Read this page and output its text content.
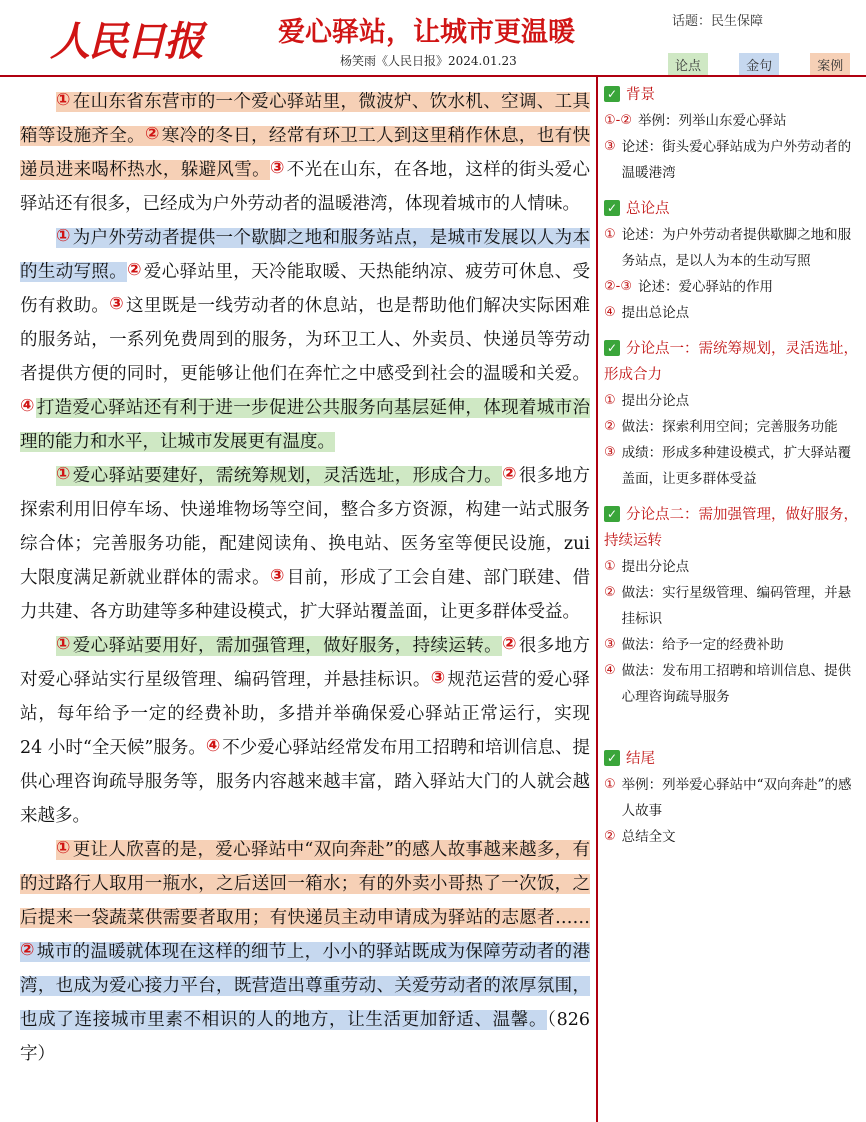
人民日报	爱心驿站，让城市更温暖
杨笑雨《人民日报》2024.01.23
话题：民生保障
论点	金句	案例

① 在山东省东营市的一个爱心驿站里，微波炉、饮水机、空调、工具箱等设施齐全。② 寒冷的冬日，经常有环卫工人到这里稍作休息，也有快递员进来喝杯热水，躲避风雪。③ 不光在山东，在各地，这样的街头爱心驿站还有很多，已经成为户外劳动者的温暖港湾，体现着城市的人情味。

① 为户外劳动者提供一个歇脚之地和服务站点，是城市发展以人为本的生动写照。② 爱心驿站里，天冷能取暖、天热能纳凉、疲劳可休息、受伤有救助。③ 这里既是一线劳动者的休息站，也是帮助他们解决实际困难的服务站，一系列免费周到的服务，为环卫工人、外卖员、快递员等劳动者提供方便的同时，更能够让他们在奔忙之中感受到社会的温暖和关爱。④ 打造爱心驿站还有利于进一步促进公共服务向基层延伸，体现着城市治理的能力和水平，让城市发展更有温度。

① 爱心驿站要建好，需统筹规划，灵活选址，形成合力。② 很多地方探索利用旧停车场、快递堆物场等空间，整合多方资源，构建一站式服务综合体；完善服务功能，配建阅读角、换电站、医务室等便民设施，zui 大限度满足新就业群体的需求。③ 目前，形成了工会自建、部门联建、借力共建、各方助建等多种建设模式，扩大驿站覆盖面，让更多群体受益。

① 爱心驿站要用好，需加强管理，做好服务，持续运转。② 很多地方对爱心驿站实行星级管理、编码管理，并悬挂标识。③ 规范运营的爱心驿站，每年给予一定的经费补助，多措并举确保爱心驿站正常运行，实现 24 小时“全天候”服务。④ 不少爱心驿站经常发布用工招聘和培训信息、提供心理咨询疏导服务等，服务内容越来越丰富，踏入驿站大门的人就会越来越多。

① 更让人欣喜的是，爱心驿站中“双向奔赴”的感人故事越来越多，有的过路行人取用一瓶水，之后送回一箱水；有的外卖小哥热了一次饭，之后提来一袋蔬菜供需要者取用；有快递员主动申请成为驿站的志愿者……② 城市的温暖就体现在这样的细节上，小小的驿站既成为保障劳动者的港湾，也成为爱心接力平台，既营造出尊重劳动、关爱劳动者的浓厚氛围，也成了连接城市里素不相识的人的地方，让生活更加舒适、温馨。（826 字）

✓ 背景
①-② 举例：列举山东爱心驿站
③ 论述：街头爱心驿站成为户外劳动者的温暖港湾
✓ 总论点
① 论述：为户外劳动者提供歇脚之地和服务站点，是以人为本的生动写照
②-③ 论述：爱心驿站的作用
④ 提出总论点
✓ 分论点一：需统筹规划，灵活选址，形成合力
① 提出分论点
② 做法：探索利用空间；完善服务功能
③ 成绩：形成多种建设模式，扩大驿站覆盖面，让更多群体受益
✓ 分论点二：需加强管理，做好服务，持续运转
① 提出分论点
② 做法：实行星级管理、编码管理，并悬挂标识
③ 做法：给予一定的经费补助
④ 做法：发布用工招聘和培训信息、提供心理咨询疏导服务
✓ 结尾
① 举例：列举爱心驿站中“双向奔赴”的感人故事
② 总结全文
